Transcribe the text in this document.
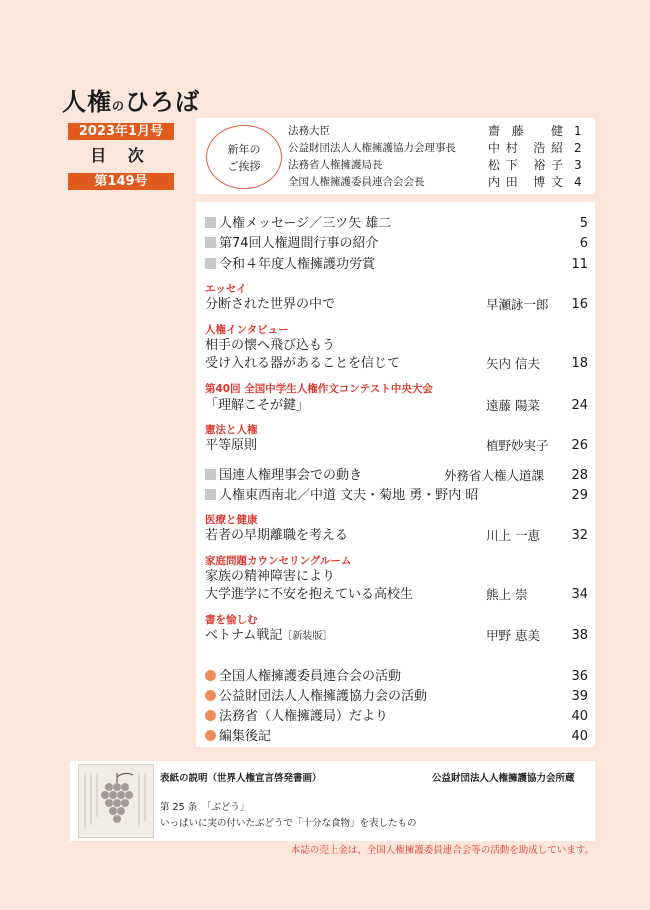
人権のひろば
2023年1月号
目 次
第149号
新年の
ご挨拶
法務大臣	齋藤 健 1
公益財団法人人権擁護協力会理事長	中村 浩紹 2
法務省人権擁護局長	松下 裕子 3
全国人権擁護委員連合会会長	内田 博文 4
人権メッセージ／三ツ矢 雄二	5
第74回人権週間行事の紹介	6
令和４年度人権擁護功労賞	11
エッセイ
分断された世界の中で	早瀬詠一郎	16
人権インタビュー
相手の懐へ飛び込もう
受け入れる器があることを信じて	矢内 信夫	18
第40回 全国中学生人権作文コンテスト中央大会
「理解こそが鍵」	遠藤 陽菜	24
憲法と人権
平等原則	植野妙実子	26
国連人権理事会での動き	外務省人権人道課	28
人権東西南北／中道 文夫・菊地 勇・野内 昭	29
医療と健康
若者の早期離職を考える	川上 一恵	32
家庭問題カウンセリングルーム
家族の精神障害により
大学進学に不安を抱えている高校生	熊上 崇	34
書を愉しむ
ベトナム戦記［新装版］	甲野 恵美	38
全国人権擁護委員連合会の活動	36
公益財団法人人権擁護協力会の活動	39
法務省（人権擁護局）だより	40
編集後記	40
表紙の説明（世界人権宣言啓発書画）	公益財団法人人権擁護協力会所蔵
第 25 条　「ぶどう」
いっぱいに実の付いたぶどうで「十分な食物」を表したもの
本誌の売上金は、全国人権擁護委員連合会等の活動を助成しています。
